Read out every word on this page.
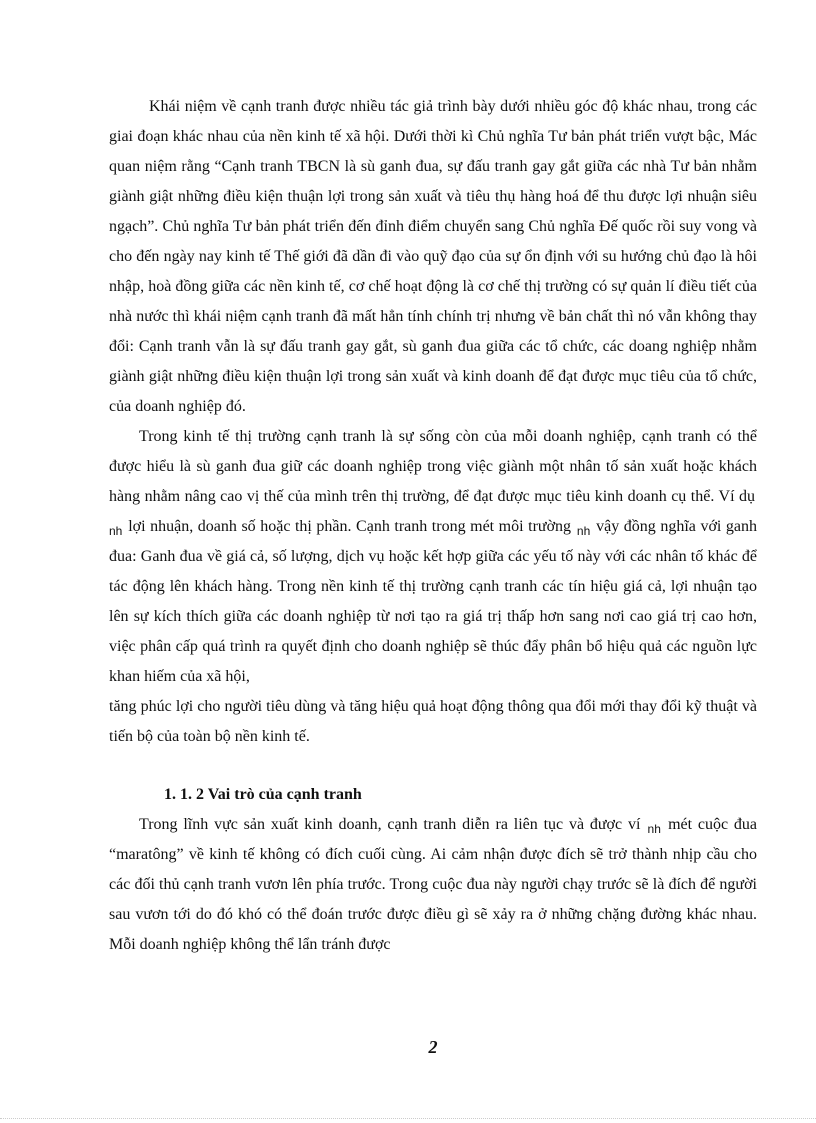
Khái niệm về cạnh tranh được nhiều tác giả trình bày dưới nhiều góc độ khác nhau, trong các giai đoạn khác nhau của nền kinh tế xã hội. Dưới thời kì Chủ nghĩa Tư bản phát triển vượt bậc, Mác quan niệm rằng “Cạnh tranh TBCN là sù ganh đua, sự đấu tranh gay gắt giữa các nhà Tư bản nhằm giành giật những điều kiện thuận lợi trong sản xuất và tiêu thụ hàng hoá để thu được lợi nhuận siêu ngạch”. Chủ nghĩa Tư bản phát triển đến đỉnh điểm chuyển sang Chủ nghĩa Đế quốc rồi suy vong và cho đến ngày nay kinh tế Thế giới đã dần đi vào quỹ đạo của sự ổn định với su hướng chủ đạo là hôi nhập, hoà đồng giữa các nền kinh tế, cơ chế hoạt động là cơ chế thị trường có sự quản lí điều tiết của nhà nước thì khái niệm cạnh tranh đã mất hẳn tính chính trị nhưng về bản chất thì nó vẫn không thay đổi: Cạnh tranh vẫn là sự đấu tranh gay gắt, sù ganh đua giữa các tổ chức, các doang nghiệp nhằm giành giật những điều kiện thuận lợi trong sản xuất và kinh doanh để đạt được mục tiêu của tổ chức, của doanh nghiệp đó.

Trong kinh tế thị trường cạnh tranh là sự sống còn của mỗi doanh nghiệp, cạnh tranh có thể được hiểu là sù ganh đua giữ các doanh nghiệp trong việc giành một nhân tố sản xuất hoặc khách hàng nhằm nâng cao vị thế của mình trên thị trường, để đạt được mục tiêu kinh doanh cụ thể. Ví dụ $_{nh}$ lợi nhuận, doanh số hoặc thị phần. Cạnh tranh trong mét môi trường $_{nh}$ vậy đồng nghĩa với ganh đua: Ganh đua về giá cả, số lượng, dịch vụ hoặc kết hợp giữa các yếu tố này với các nhân tố khác để tác động lên khách hàng. Trong nền kinh tế thị trường cạnh tranh các tín hiệu giá cả, lợi nhuận tạo lên sự kích thích giữa các doanh nghiệp từ nơi tạo ra giá trị thấp hơn sang nơi cao giá trị cao hơn, việc phân cấp quá trình ra quyết định cho doanh nghiệp sẽ thúc đẩy phân bổ hiệu quả các nguồn lực khan hiếm của xã hội,

tăng phúc lợi cho người tiêu dùng và tăng hiệu quả hoạt động thông qua đổi mới thay đổi kỹ thuật và tiến bộ của toàn bộ nền kinh tế.

1. 1. 2 Vai trò của cạnh tranh

Trong lĩnh vực sản xuất kinh doanh, cạnh tranh diễn ra liên tục và được ví $_{nh}$ mét cuộc đua “maratông” về kinh tế không có đích cuối cùng. Ai cảm nhận được đích sẽ trở thành nhịp cầu cho các đối thủ cạnh tranh vươn lên phía trước. Trong cuộc đua này người chạy trước sẽ là đích để người sau vươn tới do đó khó có thể đoán trước được điều gì sẽ xảy ra ở những chặng đường khác nhau. Mỗi doanh nghiệp không thể lẩn tránh được

2
